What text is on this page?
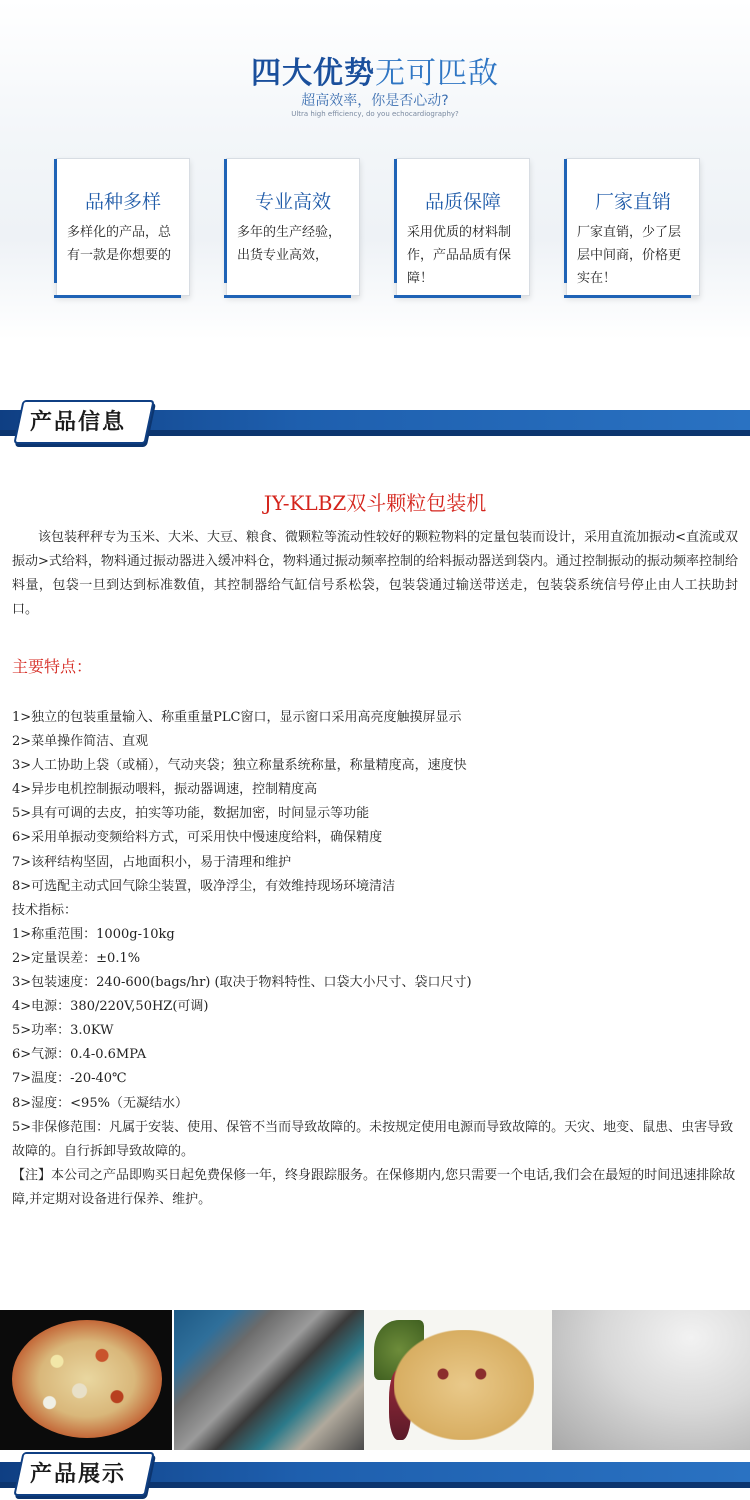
四大优势无可匹敌
超高效率，你是否心动?
Ultra high efficiency, do you echocardiography?
品种多样
多样化的产品，总有一款是你想要的
专业高效
多年的生产经验，出货专业高效，
品质保障
采用优质的材料制作，产品品质有保障！
厂家直销
厂家直销，少了层层中间商，价格更实在！
产品信息
JY-KLBZ双斗颗粒包装机
该包装秤秤专为玉米、大米、大豆、粮食、微颗粒等流动性较好的颗粒物料的定量包装而设计，采用直流加振动<直流或双振动>式给料，物料通过振动器进入缓冲料仓，物料通过振动频率控制的给料振动器送到袋内。通过控制振动的振动频率控制给料量，包袋一旦到达到标准数值，其控制器给气缸信号系松袋，包装袋通过输送带送走，包装袋系统信号停止由人工扶助封口。
主要特点：
1>独立的包装重量输入、称重重量PLC窗口，显示窗口采用高亮度触摸屏显示
2>菜单操作简洁、直观
3>人工协助上袋（或桶），气动夹袋；独立称量系统称量，称量精度高，速度快
4>异步电机控制振动喂料，振动器调速，控制精度高
5>具有可调的去皮，拍实等功能，数据加密，时间显示等功能
6>采用单振动变频给料方式，可采用快中慢速度给料，确保精度
7>该秤结构坚固，占地面积小，易于清理和维护
8>可选配主动式回气除尘装置，吸净浮尘，有效维持现场环境清洁
技术指标：
1>称重范围：1000g-10kg
2>定量误差：±0.1%
3>包装速度：240-600(bags/hr) (取决于物料特性、口袋大小尺寸、袋口尺寸)
4>电源：380/220V,50HZ(可调)
5>功率：3.0KW
6>气源：0.4-0.6MPA
7>温度：-20-40℃
8>湿度：<95%（无凝结水）
5>非保修范围：凡属于安装、使用、保管不当而导致故障的。未按规定使用电源而导致故障的。天灾、地变、鼠患、虫害导致故障的。自行拆卸导致故障的。
【注】本公司之产品即购买日起免费保修一年，终身跟踪服务。在保修期内,您只需要一个电话,我们会在最短的时间迅速排除故障,并定期对设备进行保养、维护。
产品展示
